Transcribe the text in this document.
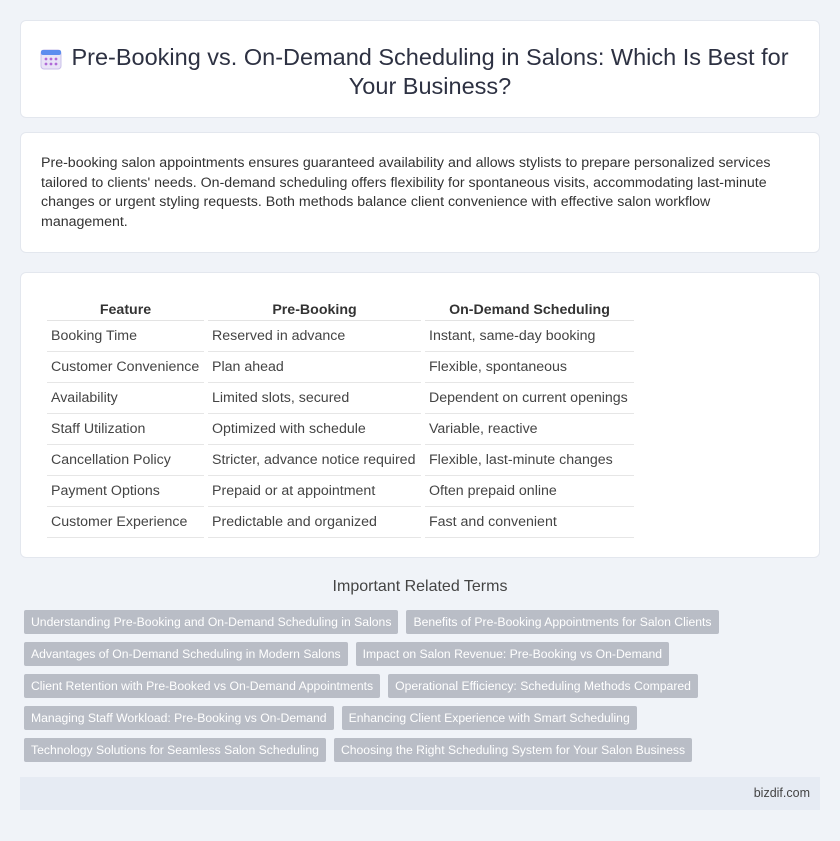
Pre-Booking vs. On-Demand Scheduling in Salons: Which Is Best for Your Business?

Pre-booking salon appointments ensures guaranteed availability and allows stylists to prepare personalized services tailored to clients' needs. On-demand scheduling offers flexibility for spontaneous visits, accommodating last-minute changes or urgent styling requests. Both methods balance client convenience with effective salon workflow management.

Feature	Pre-Booking	On-Demand Scheduling
Booking Time	Reserved in advance	Instant, same-day booking
Customer Convenience	Plan ahead	Flexible, spontaneous
Availability	Limited slots, secured	Dependent on current openings
Staff Utilization	Optimized with schedule	Variable, reactive
Cancellation Policy	Stricter, advance notice required	Flexible, last-minute changes
Payment Options	Prepaid or at appointment	Often prepaid online
Customer Experience	Predictable and organized	Fast and convenient
Important Related Terms
Understanding Pre-Booking and On-Demand Scheduling in Salons	Benefits of Pre-Booking Appointments for Salon Clients
Advantages of On-Demand Scheduling in Modern Salons	Impact on Salon Revenue: Pre-Booking vs On-Demand
Client Retention with Pre-Booked vs On-Demand Appointments	Operational Efficiency: Scheduling Methods Compared
Managing Staff Workload: Pre-Booking vs On-Demand	Enhancing Client Experience with Smart Scheduling
Technology Solutions for Seamless Salon Scheduling	Choosing the Right Scheduling System for Your Salon Business
bizdif.com
